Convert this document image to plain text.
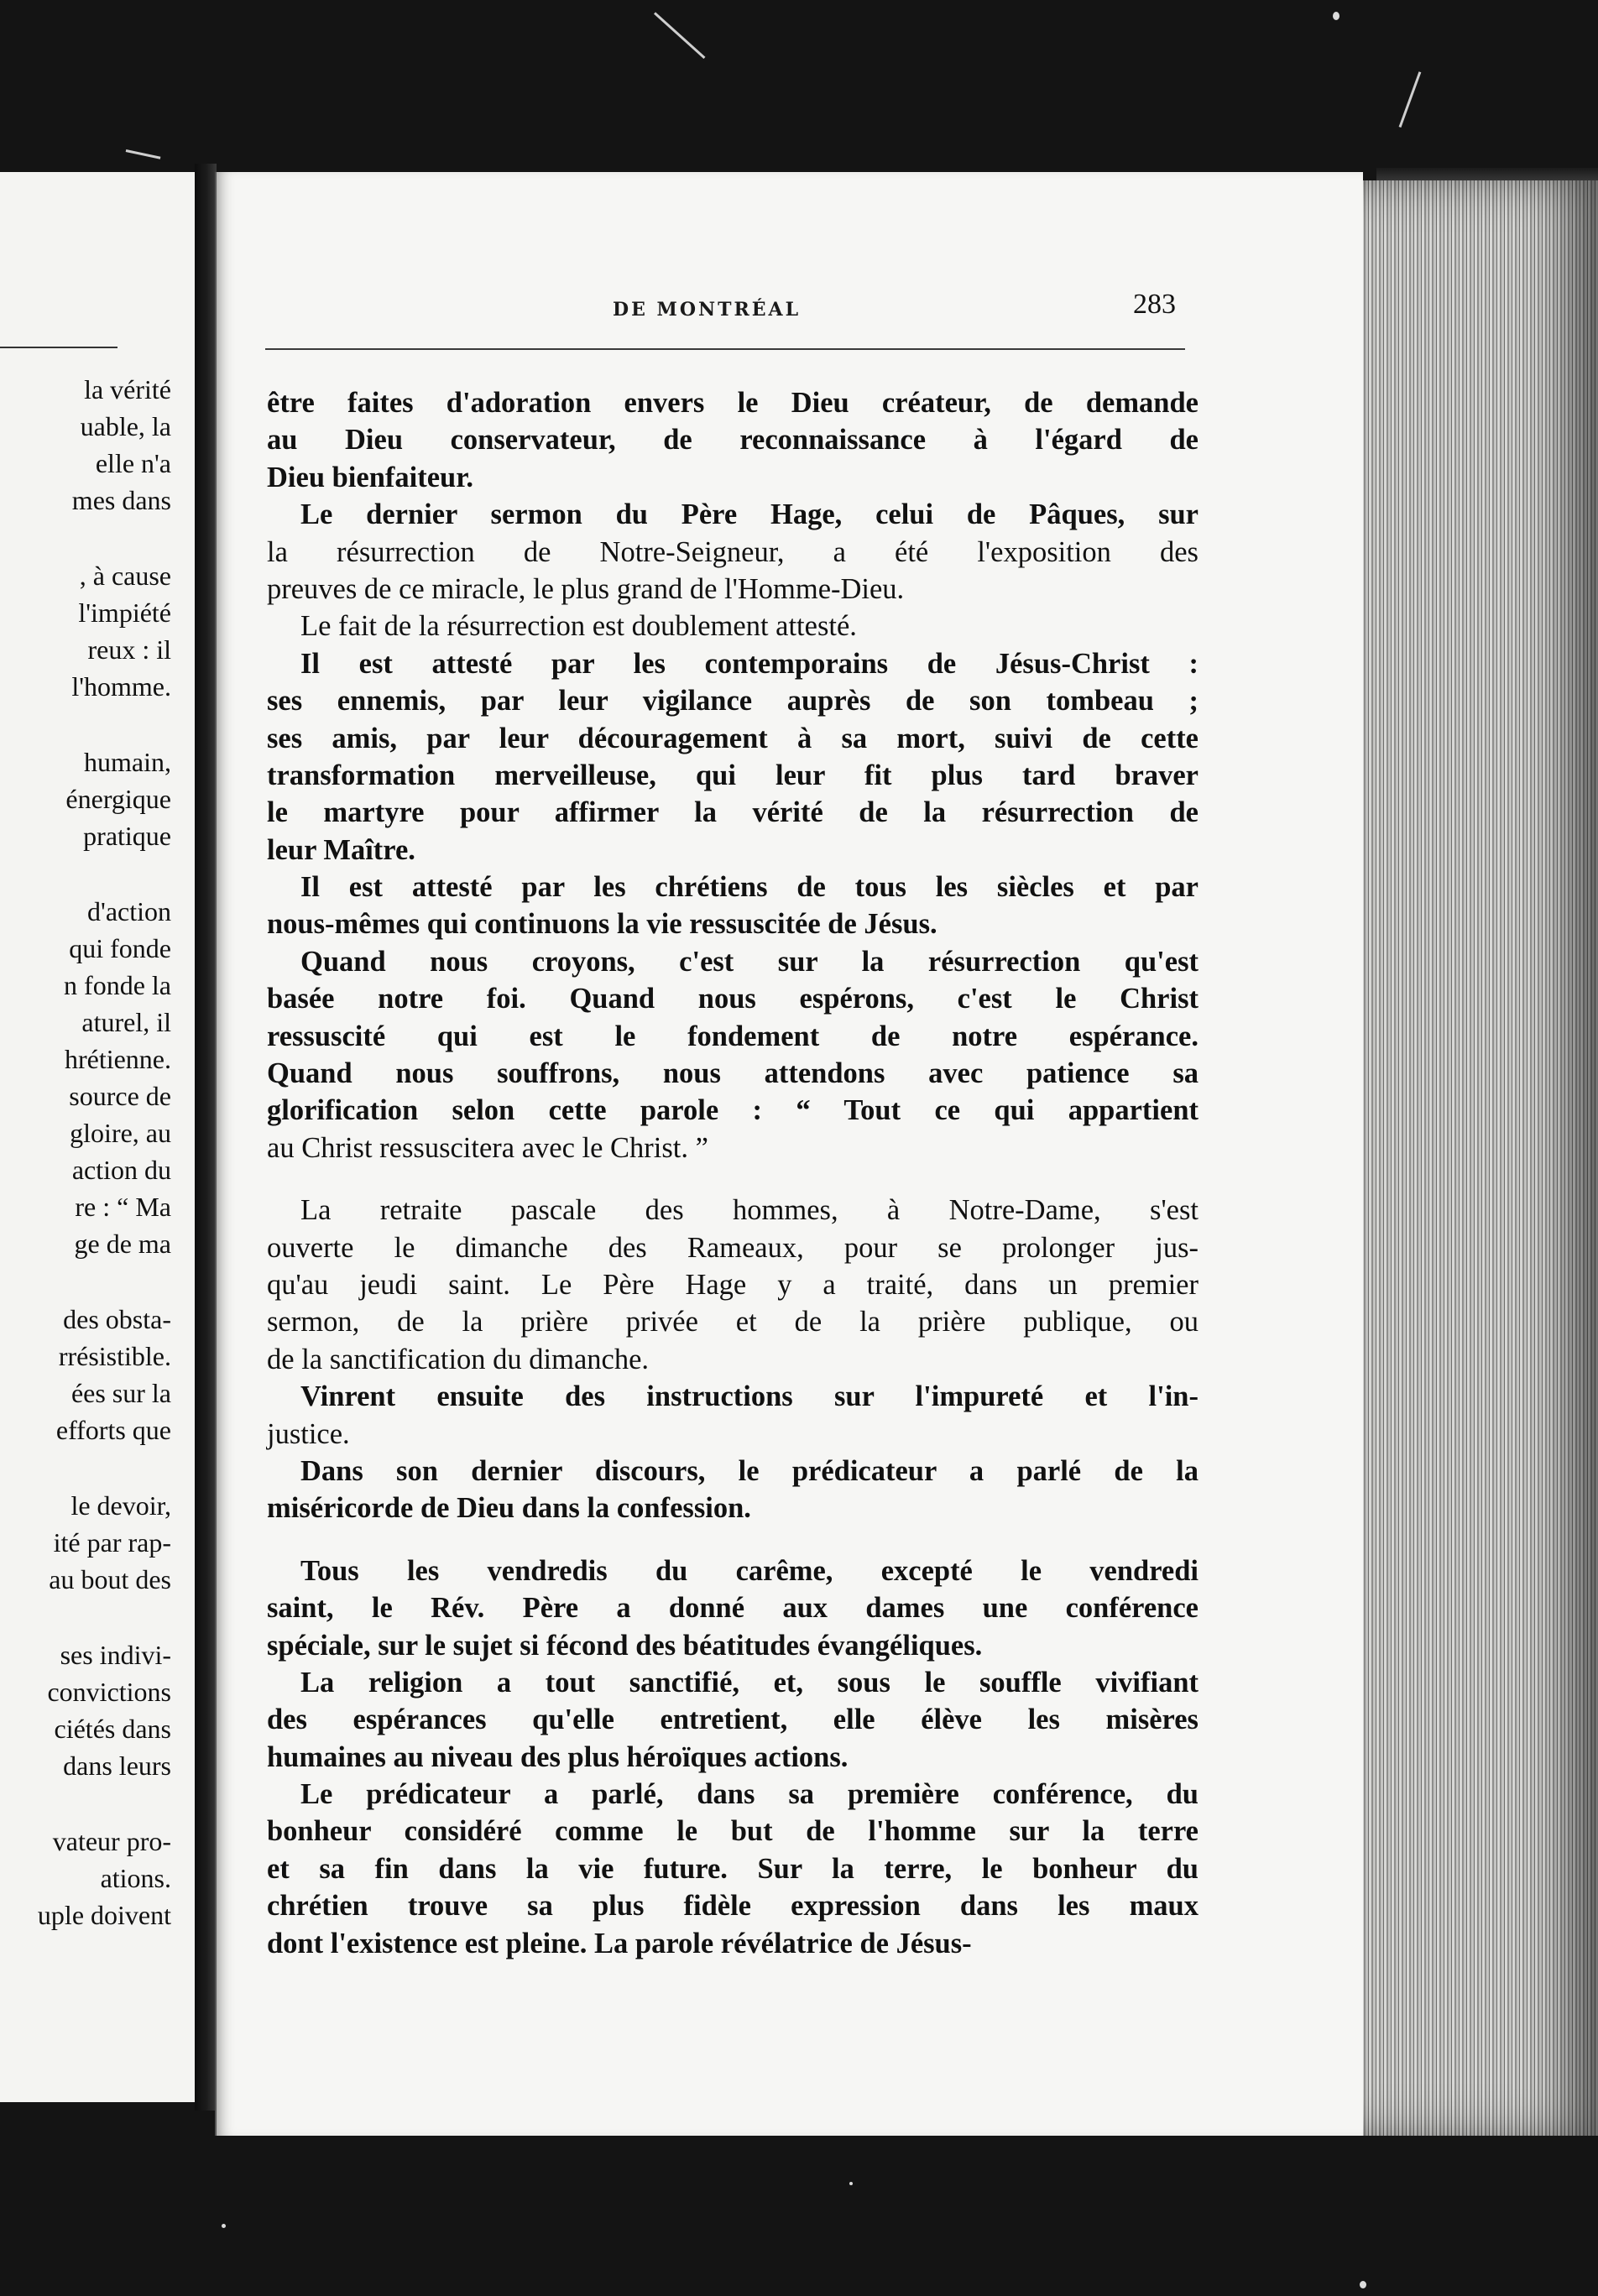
la vérité
uable, la
elle n'a
mes dans
, à cause
l'impiété
reux : il
l'homme.
humain,
énergique
pratique
d'action
qui fonde
n fonde la
aturel, il
hrétienne.
source de
gloire, au
action du
re : “ Ma
ge de ma
des obsta-
rrésistible.
ées sur la
efforts que
le devoir,
ité par rap-
au bout des
ses indivi-
convictions
ciétés dans
dans leurs
vateur pro-
ations.
uple doivent
DE MONTRÉAL	283
être faites d'adoration envers le Dieu créateur, de demande
au Dieu conservateur, de reconnaissance à l'égard de
Dieu bienfaiteur.
Le dernier sermon du Père Hage, celui de Pâques, sur
la résurrection de Notre-Seigneur, a été l'exposition des
preuves de ce miracle, le plus grand de l'Homme-Dieu.
Le fait de la résurrection est doublement attesté.
Il est attesté par les contemporains de Jésus-Christ :
ses ennemis, par leur vigilance auprès de son tombeau ;
ses amis, par leur découragement à sa mort, suivi de cette
transformation merveilleuse, qui leur fit plus tard braver
le martyre pour affirmer la vérité de la résurrection de
leur Maître.
Il est attesté par les chrétiens de tous les siècles et par
nous-mêmes qui continuons la vie ressuscitée de Jésus.
Quand nous croyons, c'est sur la résurrection qu'est
basée notre foi. Quand nous espérons, c'est le Christ
ressuscité qui est le fondement de notre espérance.
Quand nous souffrons, nous attendons avec patience sa
glorification selon cette parole : “ Tout ce qui appartient
au Christ ressuscitera avec le Christ. ”
La retraite pascale des hommes, à Notre-Dame, s'est
ouverte le dimanche des Rameaux, pour se prolonger jus-
qu'au jeudi saint. Le Père Hage y a traité, dans un premier
sermon, de la prière privée et de la prière publique, ou
de la sanctification du dimanche.
Vinrent ensuite des instructions sur l'impureté et l'in-
justice.
Dans son dernier discours, le prédicateur a parlé de la
miséricorde de Dieu dans la confession.
Tous les vendredis du carême, excepté le vendredi
saint, le Rév. Père a donné aux dames une conférence
spéciale, sur le sujet si fécond des béatitudes évangéliques.
La religion a tout sanctifié, et, sous le souffle vivifiant
des espérances qu'elle entretient, elle élève les misères
humaines au niveau des plus héroïques actions.
Le prédicateur a parlé, dans sa première conférence, du
bonheur considéré comme le but de l'homme sur la terre
et sa fin dans la vie future. Sur la terre, le bonheur du
chrétien trouve sa plus fidèle expression dans les maux
dont l'existence est pleine. La parole révélatrice de Jésus-
